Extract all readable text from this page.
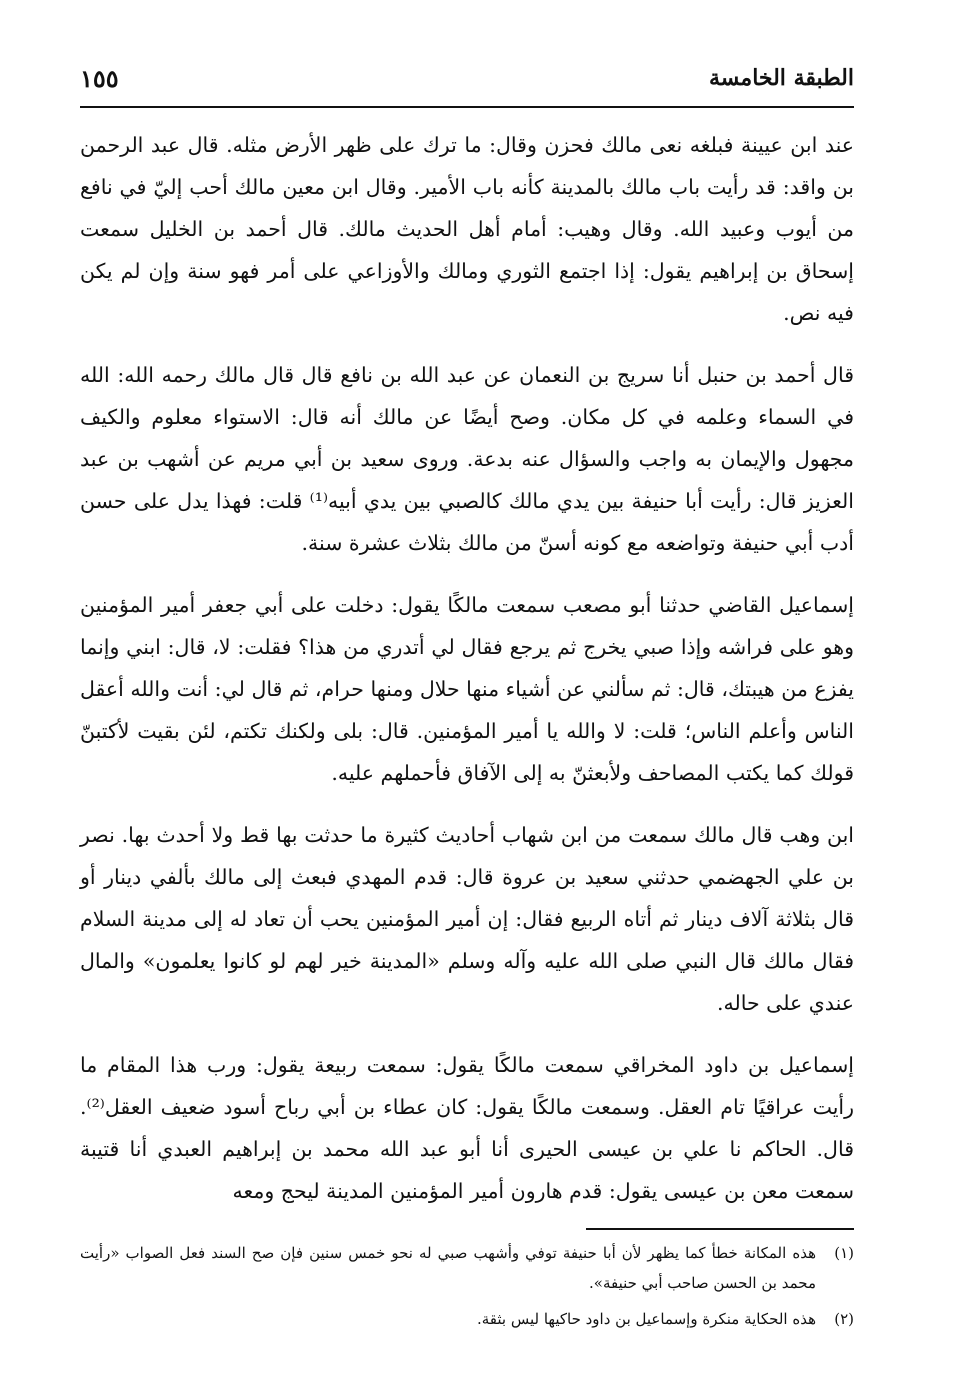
الطبقة الخامسة
١٥٥

عند ابن عيينة فبلغه نعى مالك فحزن وقال: ما ترك على ظهر الأرض مثله. قال عبد الرحمن بن واقد: قد رأيت باب مالك بالمدينة كأنه باب الأمير. وقال ابن معين مالك أحب إليّ في نافع من أيوب وعبيد الله. وقال وهيب: أمام أهل الحديث مالك. قال أحمد بن الخليل سمعت إسحاق بن إبراهيم يقول: إذا اجتمع الثوري ومالك والأوزاعي على أمر فهو سنة وإن لم يكن فيه نص.

قال أحمد بن حنبل أنا سريج بن النعمان عن عبد الله بن نافع قال قال مالك رحمه الله: الله في السماء وعلمه في كل مكان. وصح أيضًا عن مالك أنه قال: الاستواء معلوم والكيف مجهول والإيمان به واجب والسؤال عنه بدعة. وروى سعيد بن أبي مريم عن أشهب بن عبد العزيز قال: رأيت أبا حنيفة بين يدي مالك كالصبي بين يدي أبيه⁽¹⁾ قلت: فهذا يدل على حسن أدب أبي حنيفة وتواضعه مع كونه أسنّ من مالك بثلاث عشرة سنة.

إسماعيل القاضي حدثنا أبو مصعب سمعت مالكًا يقول: دخلت على أبي جعفر أمير المؤمنين وهو على فراشه وإذا صبي يخرج ثم يرجع فقال لي أتدري من هذا؟ فقلت: لا، قال: ابني وإنما يفزع من هيبتك، قال: ثم سألني عن أشياء منها حلال ومنها حرام، ثم قال لي: أنت والله أعقل الناس وأعلم الناس؛ قلت: لا والله يا أمير المؤمنين. قال: بلى ولكنك تكتم، لئن بقيت لأكتبنّ قولك كما يكتب المصاحف ولأبعثنّ به إلى الآفاق فأحملهم عليه.

ابن وهب قال مالك سمعت من ابن شهاب أحاديث كثيرة ما حدثت بها قط ولا أحدث بها. نصر بن علي الجهضمي حدثني سعيد بن عروة قال: قدم المهدي فبعث إلى مالك بألفي دينار أو قال بثلاثة آلاف دينار ثم أتاه الربيع فقال: إن أمير المؤمنين يحب أن تعاد له إلى مدينة السلام فقال مالك قال النبي صلى الله عليه وآله وسلم «المدينة خير لهم لو كانوا يعلمون» والمال عندي على حاله.

إسماعيل بن داود المخراقي سمعت مالكًا يقول: سمعت ربيعة يقول: ورب هذا المقام ما رأيت عراقيًا تام العقل. وسمعت مالكًا يقول: كان عطاء بن أبي رباح أسود ضعيف العقل⁽²⁾. قال. الحاكم نا علي بن عيسى الحيرى أنا أبو عبد الله محمد بن إبراهيم العبدي أنا قتيبة سمعت معن بن عيسى يقول: قدم هارون أمير المؤمنين المدينة ليحج ومعه

(١)
هذه المكانة خطأ كما يظهر لأن أبا حنيفة توفي وأشهب صبي له نحو خمس سنين فإن صح السند فعل الصواب «رأيت محمد بن الحسن صاحب أبي حنيفة».
(٢)
هذه الحكاية منكرة وإسماعيل بن داود حاكيها ليس بثقة.
